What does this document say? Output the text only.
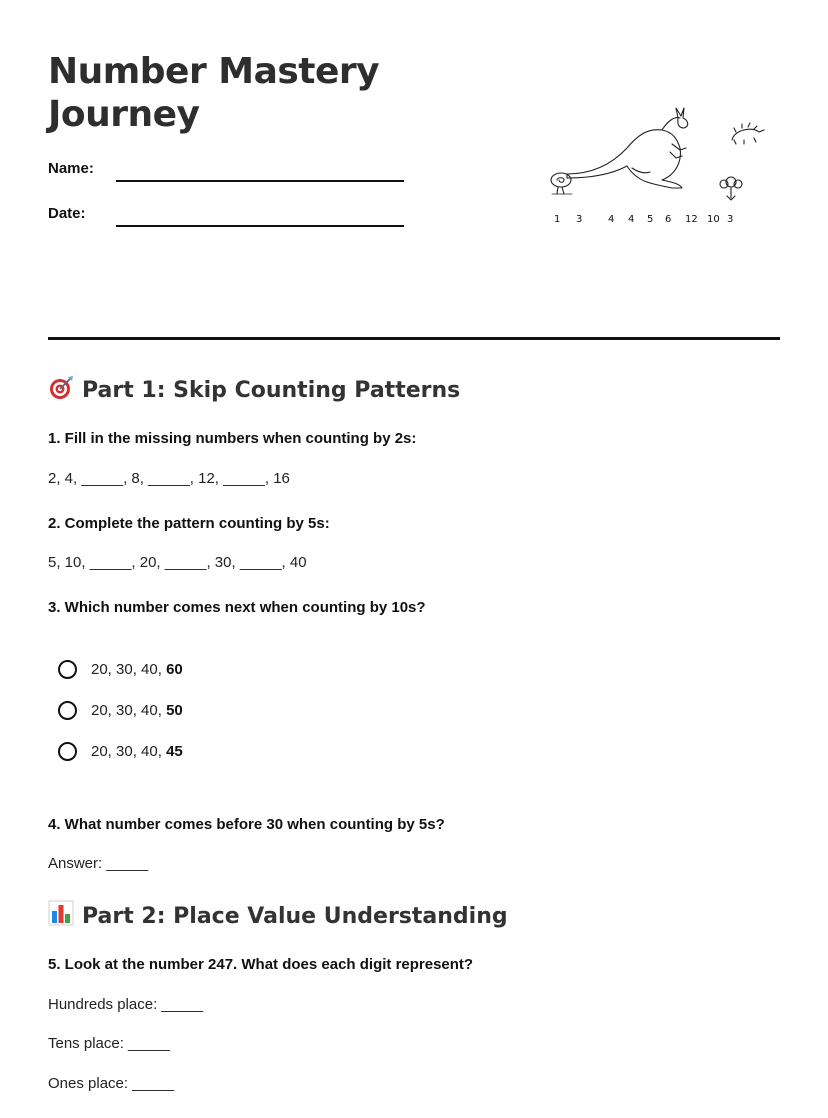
Number Mastery
Journey
Name:
Date:	1 3	4 4 5 6 12 10 3
Part 1: Skip Counting Patterns
1. Fill in the missing numbers when counting by 2s:
2, 4, _____, 8, _____, 12, _____, 16
2. Complete the pattern counting by 5s:
5, 10, _____, 20, _____, 30, _____, 40
3. Which number comes next when counting by 10s?
20, 30, 40, 60
20, 30, 40, 50
20, 30, 40, 45
4. What number comes before 30 when counting by 5s?
Answer: _____
Part 2: Place Value Understanding
5. Look at the number 247. What does each digit represent?
Hundreds place: _____
Tens place: _____
Ones place: _____
